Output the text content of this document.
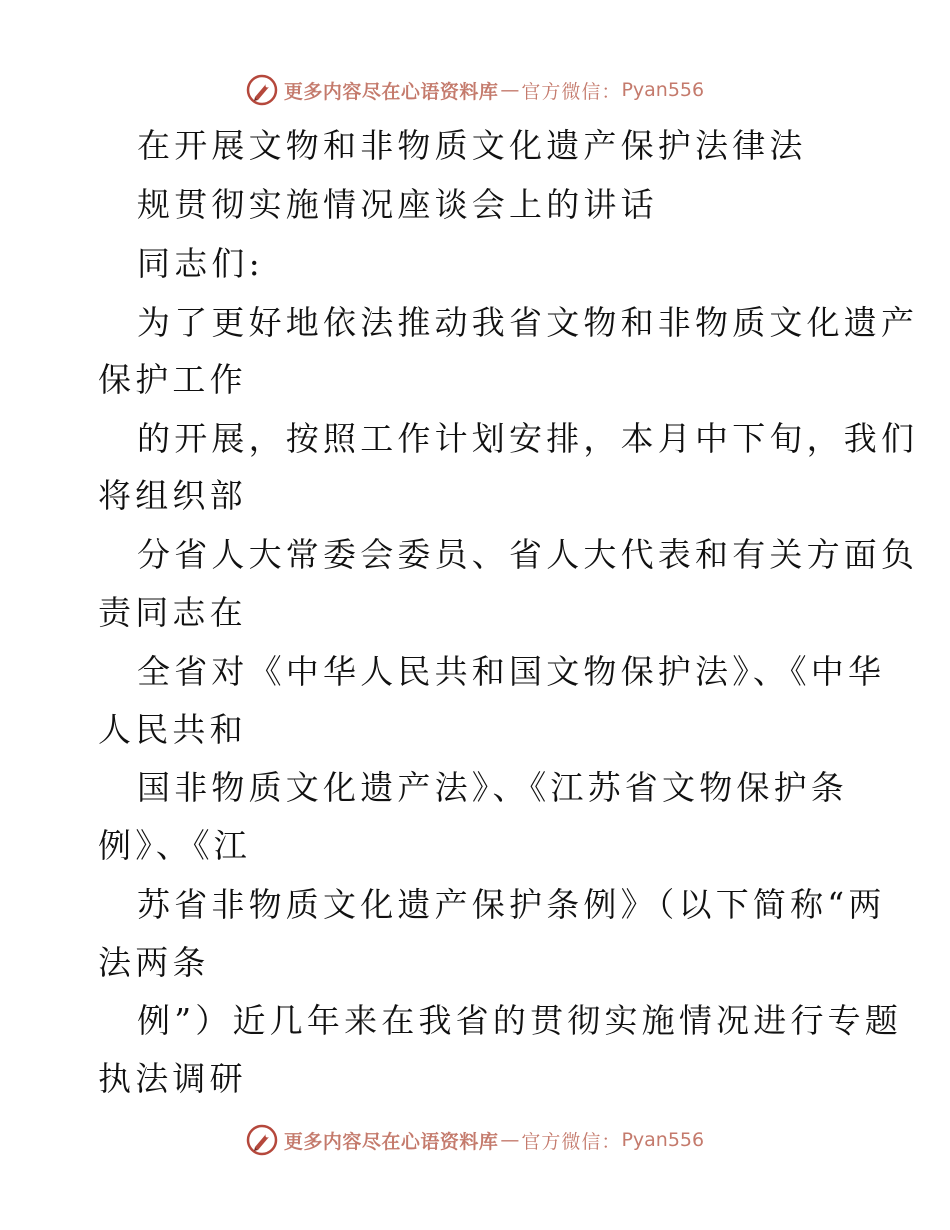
更多内容尽在心语资料库 — 官方微信： Pyan556
在开展文物和非物质文化遗产保护法律法
规贯彻实施情况座谈会上的讲话
同志们:
为了更好地依法推动我省文物和非物质文化遗产
保护工作
的开展，按照工作计划安排，本月中下旬，我们
将组织部
分省人大常委会委员、省人大代表和有关方面负
责同志在
全省对《中华人民共和国文物保护法》、《中华
人民共和
国非物质文化遗产法》、《江苏省文物保护条
例》、《江
苏省非物质文化遗产保护条例》（以下简称“两
法两条
例”）近几年来在我省的贯彻实施情况进行专题
执法调研
更多内容尽在心语资料库 — 官方微信： Pyan556
